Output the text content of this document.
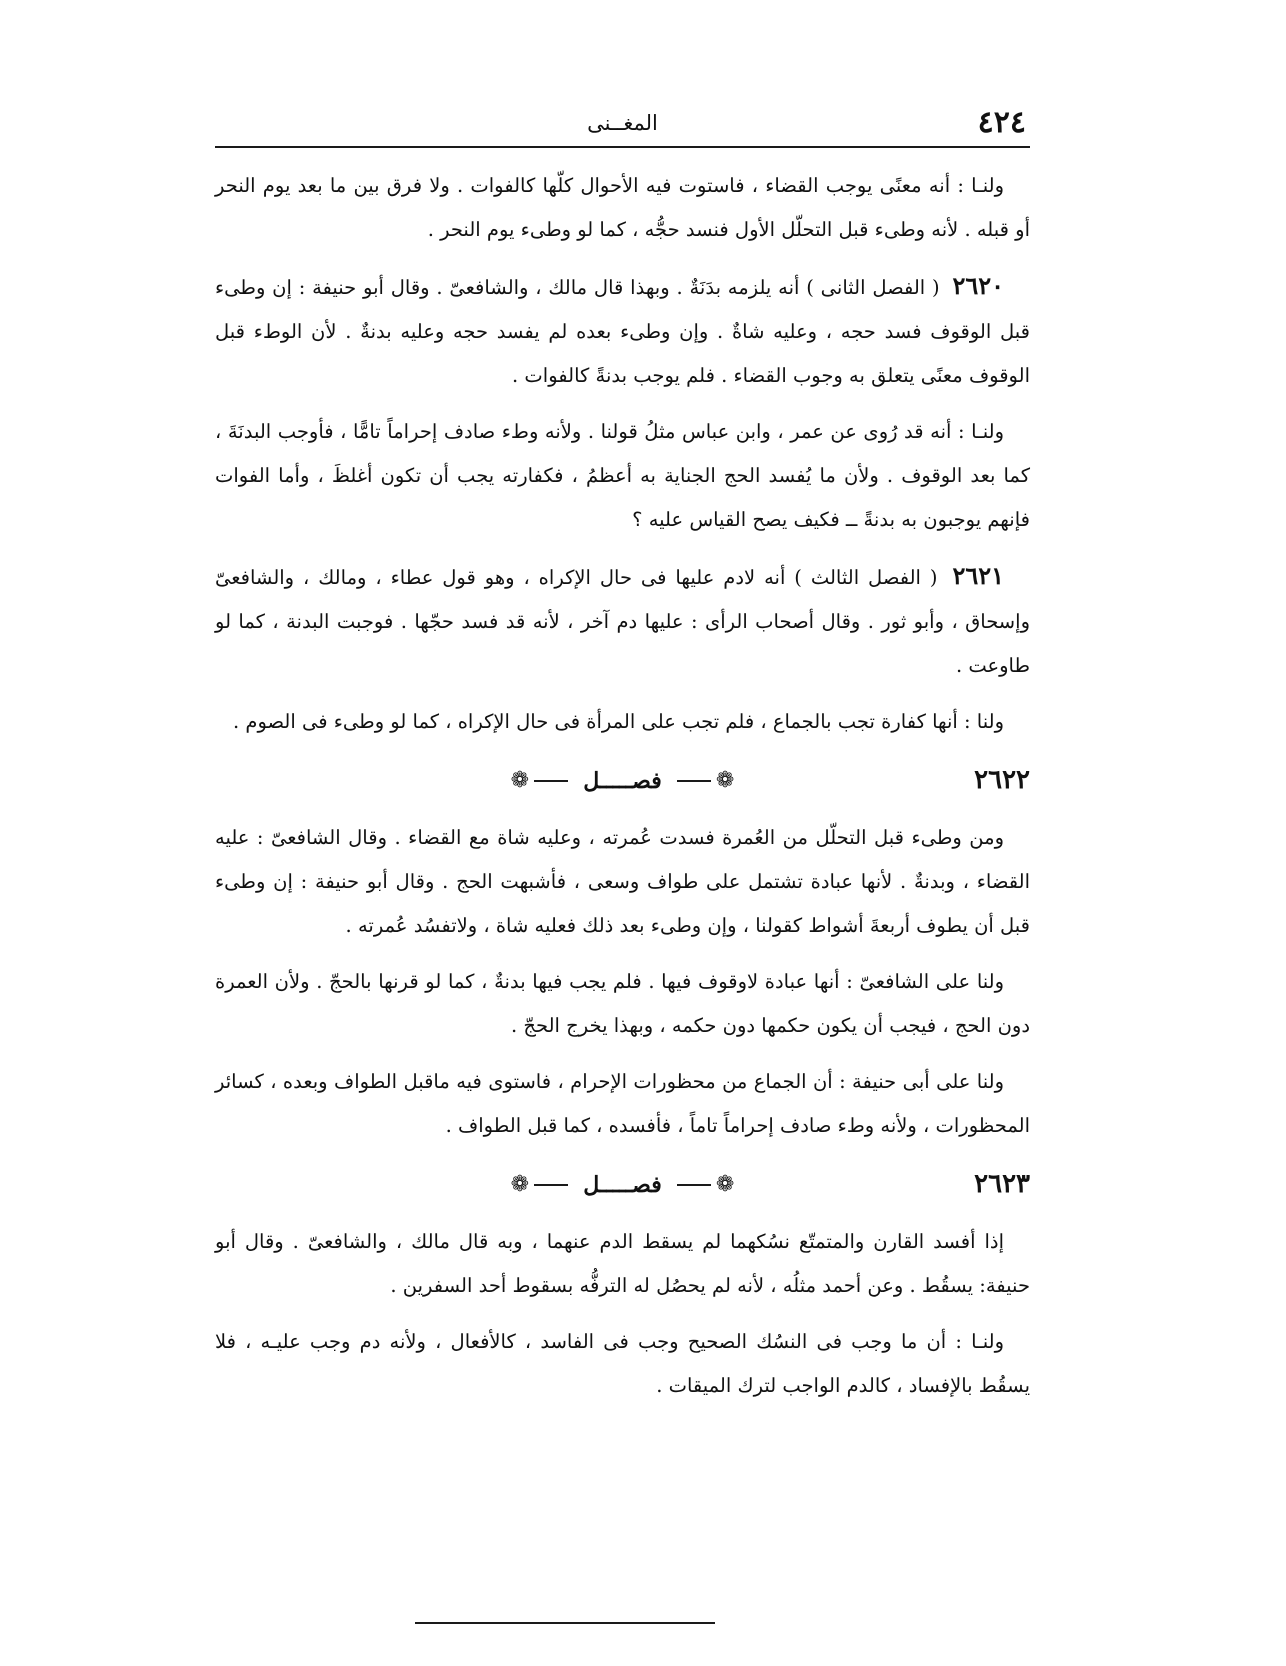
٤٢٤
المغــنى

ولنـا : أنه معنًى يوجب القضاء ، فاستوت فيه الأحوال كلّها كالفوات . ولا فرق بين ما بعد يوم النحر أو قبله . لأنه وطىء قبل التحلّل الأول فنسد حجُّه ، كما لو وطىء يوم النحر .

٢٦٢٠ ( الفصل الثانى ) أنه يلزمه بدَنَةٌ . وبهذا قال مالك ، والشافعىّ . وقال أبو حنيفة : إن وطىء قبل الوقوف فسد حجه ، وعليه شاةٌ . وإن وطىء بعده لم يفسد حجه وعليه بدنةٌ . لأن الوطء قبل الوقوف معنًى يتعلق به وجوب القضاء . فلم يوجب بدنةً كالفوات .

ولنـا : أنه قد رُوى عن عمر ، وابن عباس مثلُ قولنا . ولأنه وطء صادف إحراماً تامًّا ، فأوجب البدنَةَ ، كما بعد الوقوف . ولأن ما يُفسد الحج الجناية به أعظمُ ، فكفارته يجب أن تكون أغلظَ ، وأما الفوات فإنهم يوجبون به بدنةً ــ فكيف يصح القياس عليه ؟

٢٦٢١ ( الفصل الثالث ) أنه لادم عليها فى حال الإكراه ، وهو قول عطاء ، ومالك ، والشافعىّ وإسحاق ، وأبو ثور . وقال أصحاب الرأى : عليها دم آخر ، لأنه قد فسد حجّها . فوجبت البدنة ، كما لو طاوعت .

ولنا : أنها كفارة تجب بالجماع ، فلم تجب على المرأة فى حال الإكراه ، كما لو وطىء فى الصوم .

٢٦٢٢
❁  فصـــــل  ❁

ومن وطىء قبل التحلّل من العُمرة فسدت عُمرته ، وعليه شاة مع القضاء . وقال الشافعىّ : عليه القضاء ، وبدنةٌ . لأنها عبادة تشتمل على طواف وسعى ، فأشبهت الحج . وقال أبو حنيفة : إن وطىء قبل أن يطوف أربعةَ أشواط كقولنا ، وإن وطىء بعد ذلك فعليه شاة ، ولاتفسُد عُمرته .

ولنا على الشافعىّ : أنها عبادة لاوقوف فيها . فلم يجب فيها بدنةٌ ، كما لو قرنها بالحجّ . ولأن العمرة دون الحج ، فيجب أن يكون حكمها دون حكمه ، وبهذا يخرج الحجّ .

ولنا على أبى حنيفة : أن الجماع من محظورات الإحرام ، فاستوى فيه ماقبل الطواف وبعده ، كسائر المحظورات ، ولأنه وطء صادف إحراماً تاماً ، فأفسده ، كما قبل الطواف .

٢٦٢٣
❁  فصـــــل  ❁

إذا أفسد القارن والمتمتّع نسُكهما لم يسقط الدم عنهما ، وبه قال مالك ، والشافعىّ . وقال أبو حنيفة: يسقُط . وعن أحمد مثلُه ، لأنه لم يحصُل له الترفُّه بسقوط أحد السفرين .

ولنـا : أن ما وجب فى النسُك الصحيح وجب فى الفاسد ، كالأفعال ، ولأنه دم وجب عليـه ، فلا يسقُط بالإفساد ، كالدم الواجب لترك الميقات .
